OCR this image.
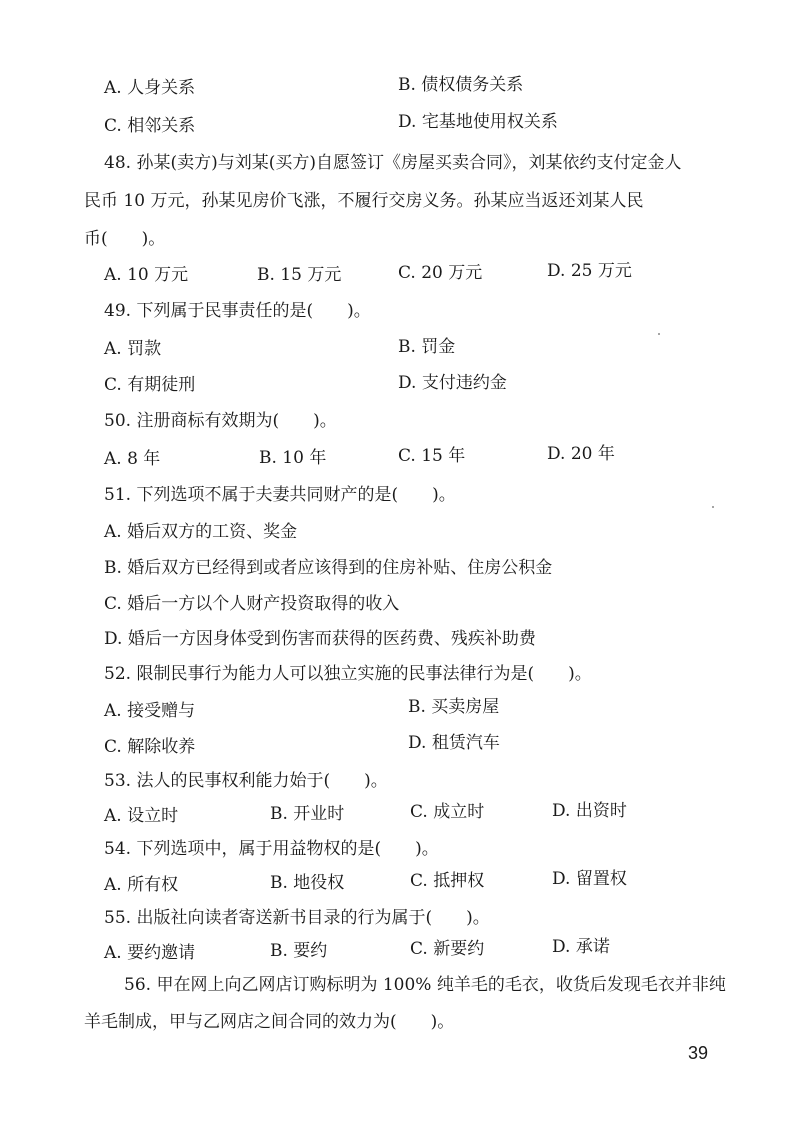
A. 人身关系	B. 债权债务关系
C. 相邻关系	D. 宅基地使用权关系
48. 孙某(卖方)与刘某(买方)自愿签订《房屋买卖合同》，刘某依约支付定金人
民币 10 万元，孙某见房价飞涨，不履行交房义务。孙某应当返还刘某人民
币(　　)。
A. 10 万元	B. 15 万元	C. 20 万元	D. 25 万元
49. 下列属于民事责任的是(　　)。
A. 罚款	B. 罚金
C. 有期徒刑	D. 支付违约金
50. 注册商标有效期为(　　)。
A. 8 年	B. 10 年	C. 15 年	D. 20 年
51. 下列选项不属于夫妻共同财产的是(　　)。
A. 婚后双方的工资、奖金
B. 婚后双方已经得到或者应该得到的住房补贴、住房公积金
C. 婚后一方以个人财产投资取得的收入
D. 婚后一方因身体受到伤害而获得的医药费、残疾补助费
52. 限制民事行为能力人可以独立实施的民事法律行为是(　　)。
A. 接受赠与	B. 买卖房屋
C. 解除收养	D. 租赁汽车
53. 法人的民事权利能力始于(　　)。
A. 设立时	B. 开业时	C. 成立时	D. 出资时
54. 下列选项中，属于用益物权的是(　　)。
A. 所有权	B. 地役权	C. 抵押权	D. 留置权
55. 出版社向读者寄送新书目录的行为属于(　　)。
A. 要约邀请	B. 要约	C. 新要约	D. 承诺
56. 甲在网上向乙网店订购标明为 100% 纯羊毛的毛衣，收货后发现毛衣并非纯
羊毛制成，甲与乙网店之间合同的效力为(　　)。
39
